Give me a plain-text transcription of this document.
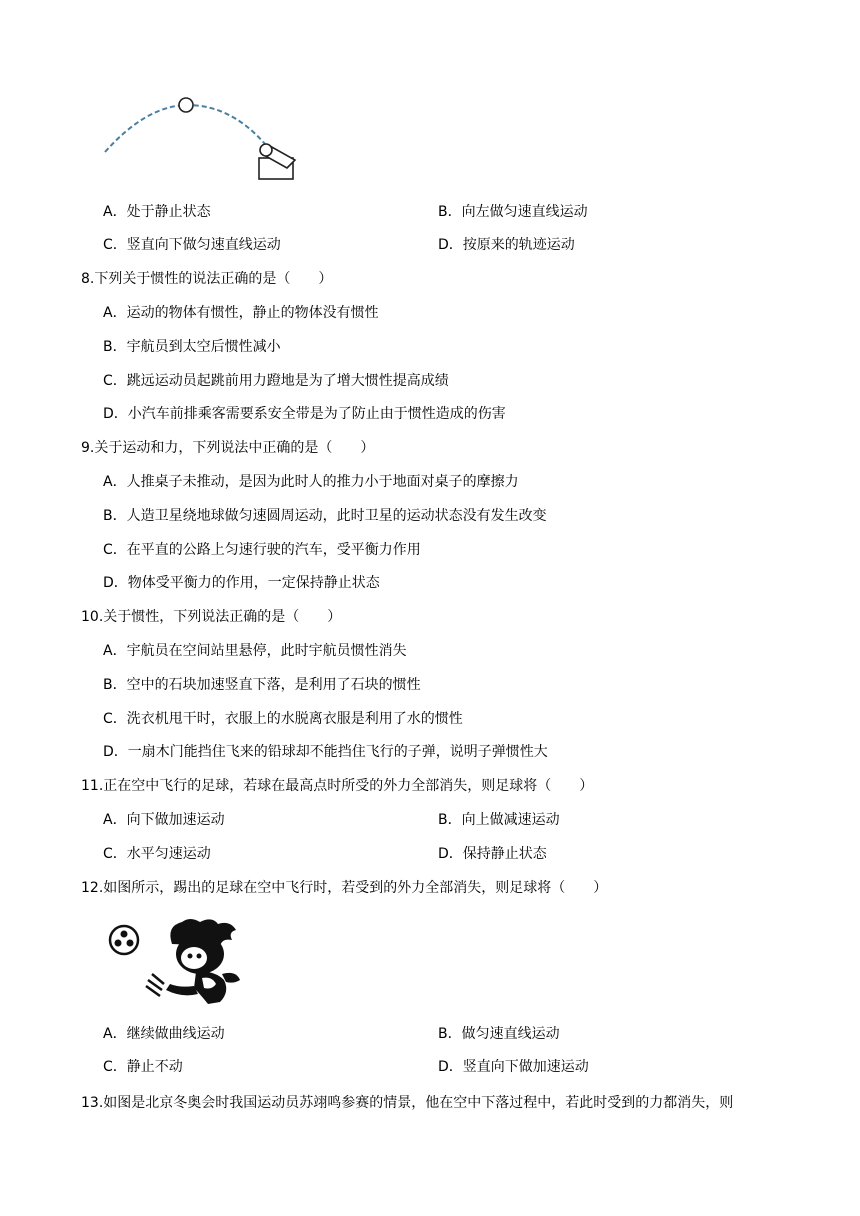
A．处于静止状态	B．向左做匀速直线运动
C．竖直向下做匀速直线运动	D．按原来的轨迹运动
8.下列关于惯性的说法正确的是（　　）
A．运动的物体有惯性，静止的物体没有惯性
B．宇航员到太空后惯性减小
C．跳远运动员起跳前用力蹬地是为了增大惯性提高成绩
D．小汽车前排乘客需要系安全带是为了防止由于惯性造成的伤害
9.关于运动和力，下列说法中正确的是（　　）
A．人推桌子未推动，是因为此时人的推力小于地面对桌子的摩擦力
B．人造卫星绕地球做匀速圆周运动，此时卫星的运动状态没有发生改变
C．在平直的公路上匀速行驶的汽车，受平衡力作用
D．物体受平衡力的作用，一定保持静止状态
10.关于惯性，下列说法正确的是（　　）
A．宇航员在空间站里悬停，此时宇航员惯性消失
B．空中的石块加速竖直下落，是利用了石块的惯性
C．洗衣机甩干时，衣服上的水脱离衣服是利用了水的惯性
D．一扇木门能挡住飞来的铅球却不能挡住飞行的子弹，说明子弹惯性大
11.正在空中飞行的足球，若球在最高点时所受的外力全部消失，则足球将（　　）
A．向下做加速运动	B．向上做减速运动
C．水平匀速运动	D．保持静止状态
12.如图所示，踢出的足球在空中飞行时，若受到的外力全部消失，则足球将（　　）
A．继续做曲线运动	B．做匀速直线运动
C．静止不动	D．竖直向下做加速运动
13.如图是北京冬奥会时我国运动员苏翊鸣参赛的情景，他在空中下落过程中，若此时受到的力都消失，则
